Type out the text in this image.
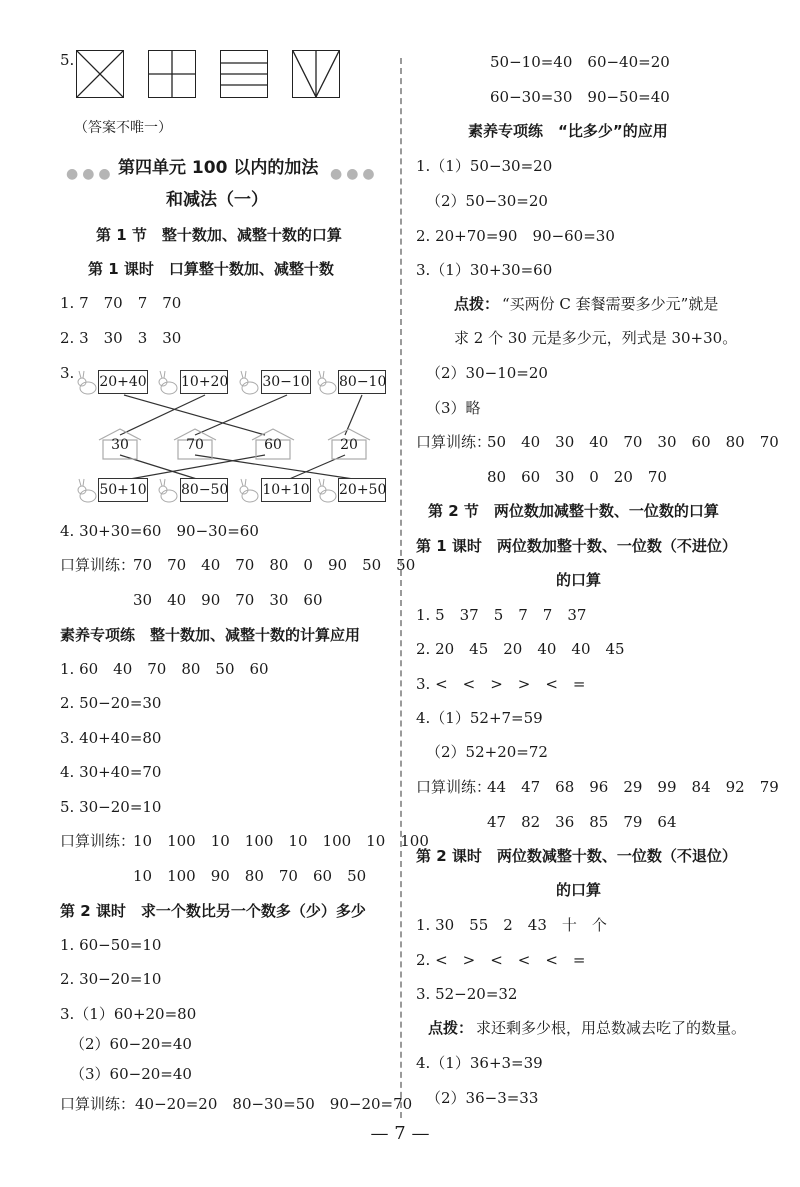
5.
（答案不唯一）
●●●	●●●
第四单元 100 以内的加法
和减法（一）
第 1 节　整十数加、减整十数的口算
第 1 课时　口算整十数加、减整十数
1. 7　70　7　70
2. 3　30　3　30
3. 20+40 10+20 30−10 80−10
30	70	60	20
50+10 80−50 10+10 20+50
4. 30+30=60　90−30=60
口算训练：
70　70　40　70　80　0　90　50　50
30　40　90　70　30　60
素养专项练　整十数加、减整十数的计算应用
1. 60　40　70　80　50　60
2. 50−20=30
3. 40+40=80
4. 30+40=70
5. 30−20=10
口算训练：
10　100　10　100　10　100　10　100
10　100　90　80　70　60　50
第 2 课时　求一个数比另一个数多（少）多少
1. 60−50=10
2. 30−20=10
3.（1）60+20=80
（2）60−20=40
（3）60−20=40
口算训练：40−20=20　80−30=50　90−20=70
50−10=40　60−40=20
60−30=30　90−50=40
素养专项练　“比多少”的应用
1.（1）50−30=20
（2）50−30=20
2. 20+70=90　90−60=30
3.（1）30+30=60
点拨： “买两份 C 套餐需要多少元”就是
求 2 个 30 元是多少元，列式是 30+30。
（2）30−10=20
（3）略
口算训练：
50　40　30　40　70　30　60　80　70
80　60　30　0　20　70
第 2 节　两位数加减整十数、一位数的口算
第 1 课时　两位数加整十数、一位数（不进位）
的口算
1. 5　37　5　7　7　37
2. 20　45　20　40　40　45
3. <　<　>　>　<　=
4.（1）52+7=59
（2）52+20=72
口算训练：
44　47　68　96　29　99　84　92　79
47　82　36　85　79　64
第 2 课时　两位数减整十数、一位数（不退位）
的口算
1. 30　55　2　43　十　个
2. <　>　<　<　<　=
3. 52−20=32
点拨： 求还剩多少根，用总数减去吃了的数量。
4.（1）36+3=39
（2）36−3=33
— 7 —
